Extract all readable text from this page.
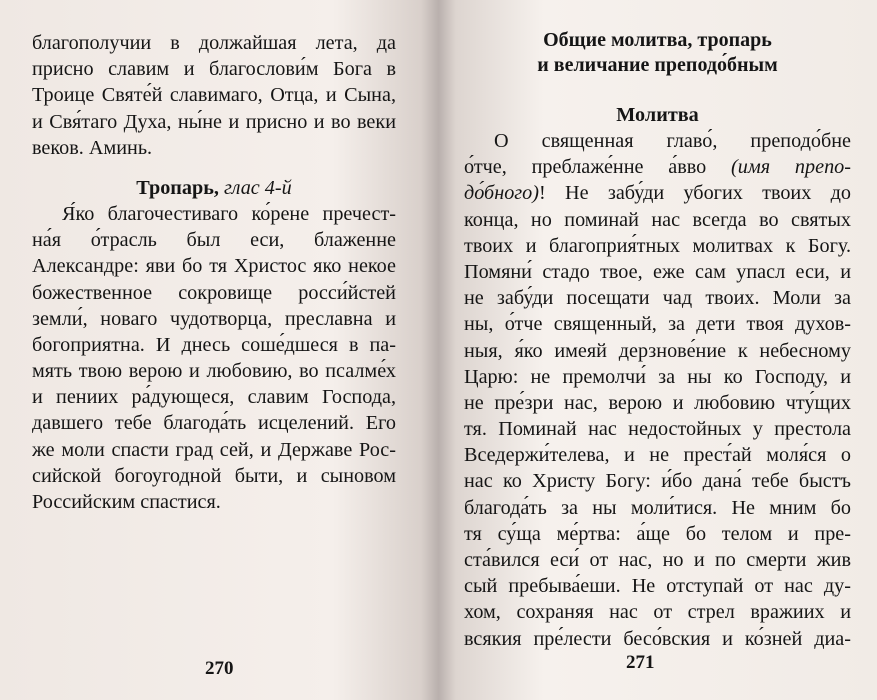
благополучии в должайшая лета, да
присно славим и благослови́м Бога в
Троице Святе́й славимаго, Отца, и Сына,
и Свя́таго Духа, ны́не и присно и во веки
веков. Аминь.
Тропарь, глас 4-й
Я́ко благочестиваго ко́рене пречест-
на́я о́трасль был еси, блаженне
Александре: яви бо тя Христос яко некое
божественное сокровище росси́йстей
земли́, новаго чудотворца, преславна и
богоприятна. И днесь соше́дшеся в па-
мять твою верою и любовию, во псалме́х
и пениих ра́дующеся, славим Господа,
давшего тебе благода́ть исцелений. Его
же моли спасти град сей, и Державе Рос-
сийской богоугодной быти, и сыновом
Российским спастися.
270
Общие молитва, тропарь
и величание преподо́бным
Молитва
О священная главо́, преподо́бне
о́тче, преблаже́нне а́вво (имя препо-
до́бного)! Не забу́ди убогих твоих до
конца, но поминай нас всегда во святых
твоих и благоприя́тных молитвах к Богу.
Помяни́ стадо твое, еже сам упасл еси, и
не забу́ди посещати чад твоих. Моли за
ны, о́тче священный, за дети твоя духов-
ныя, я́ко имеяй дерзнове́ние к небесному
Царю: не премолчи́ за ны ко Господу, и
не пре́зри нас, верою и любовию чту́щих
тя. Поминай нас недостойных у престола
Вседержи́телева, и не прест́ай моля́ся о
нас ко Христу Богу: и́бо дана́ тебе быстъ
благода́ть за ны моли́тися. Не мним бо
тя су́ща ме́ртва: а́ще бо телом и пре-
ста́вился еси́ от нас, но и по смерти жив
сый пребыва́еши. Не отступай от нас ду-
хом, сохраняя нас от стрел вражиих и
всякия пре́лести бесо́вския и ко́зней диа-
271
